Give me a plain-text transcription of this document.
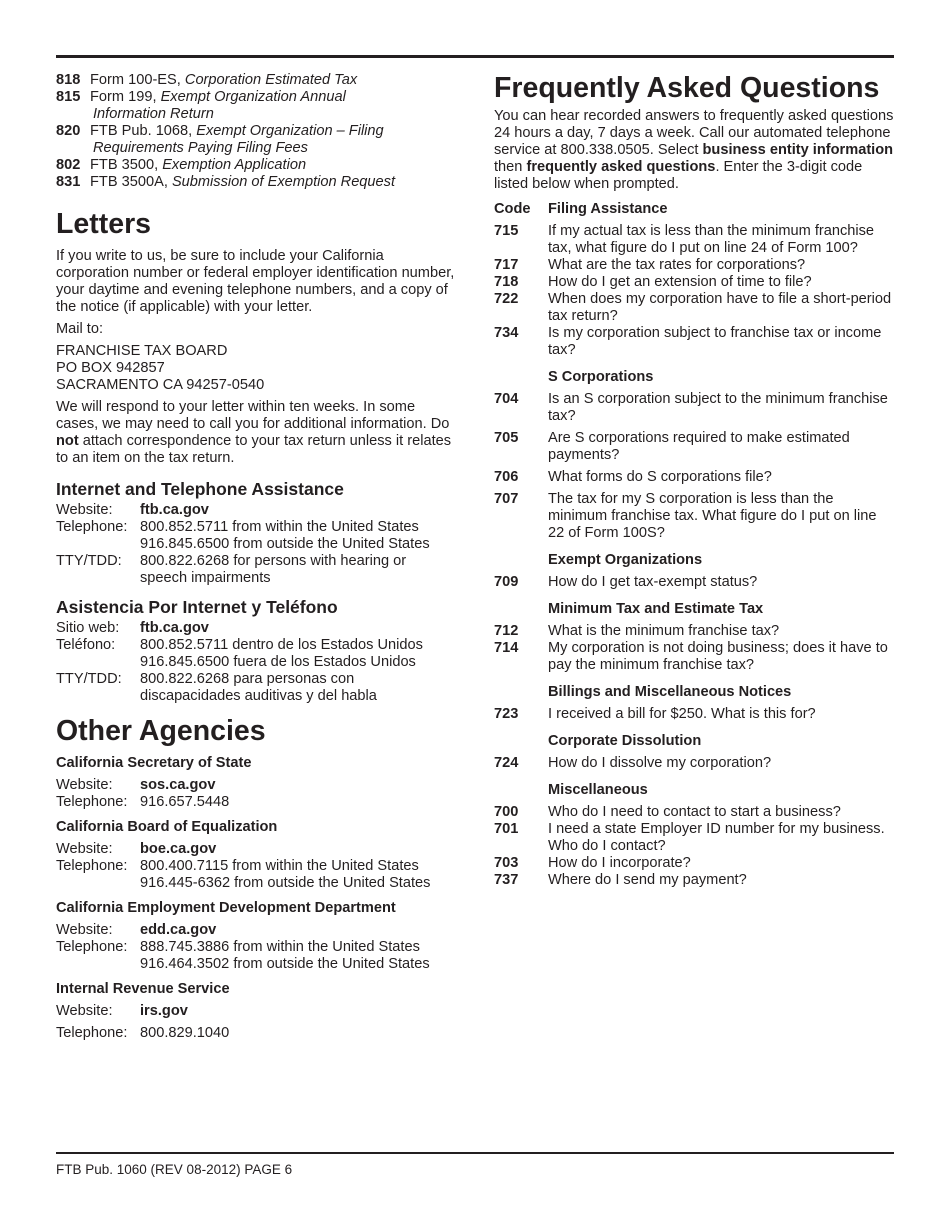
818 Form 100-ES, Corporation Estimated Tax
815 Form 199, Exempt Organization Annual
Information Return
820 FTB Pub. 1068, Exempt Organization – Filing
Requirements Paying Filing Fees
802 FTB 3500, Exemption Application
831 FTB 3500A, Submission of Exemption Request
Letters

If you write to us, be sure to include your California corporation number or federal employer identification number, your daytime and evening telephone numbers, and a copy of the notice (if applicable) with your letter.

Mail to:

FRANCHISE TAX BOARD
PO BOX 942857
SACRAMENTO CA 94257-0540

We will respond to your letter within ten weeks. In some cases, we may need to call you for additional information. Do not attach correspondence to your tax return unless it relates to an item on the tax return.

Internet and Telephone Assistance
Website:	ftb.ca.gov
Telephone: 800.852.5711 from within the United States
916.845.6500 from outside the United States
TTY/TDD:	800.822.6268 for persons with hearing or speech impairments
Asistencia Por Internet y Teléfono
Sitio web:	ftb.ca.gov
Teléfono:	800.852.5711 dentro de los Estados Unidos
916.845.6500 fuera de los Estados Unidos
TTY/TDD:	800.822.6268 para personas con discapacidades auditivas y del habla
Other Agencies
California Secretary of State
Website:	sos.ca.gov
Telephone: 916.657.5448
California Board of Equalization
Website:	boe.ca.gov
Telephone: 800.400.7115 from within the United States
916.445-6362 from outside the United States
California Employment Development Department
Website:	edd.ca.gov
Telephone: 888.745.3886 from within the United States
916.464.3502 from outside the United States
Internal Revenue Service
Website:	irs.gov
Telephone: 800.829.1040
Frequently Asked Questions

You can hear recorded answers to frequently asked questions 24 hours a day, 7 days a week. Call our automated telephone service at 800.338.0505. Select business entity information then frequently asked questions. Enter the 3-digit code listed below when prompted.

Code	Filing Assistance
715	If my actual tax is less than the minimum franchise tax, what figure do I put on line 24 of Form 100?
717	What are the tax rates for corporations?
718	How do I get an extension of time to file?
722	When does my corporation have to file a short-period tax return?
734	Is my corporation subject to franchise tax or income tax?
S Corporations
704	Is an S corporation subject to the minimum franchise tax?
705	Are S corporations required to make estimated payments?
706	What forms do S corporations file?
707	The tax for my S corporation is less than the minimum franchise tax. What figure do I put on line 22 of Form 100S?
Exempt Organizations
709	How do I get tax-exempt status?
Minimum Tax and Estimate Tax
712	What is the minimum franchise tax?
714	My corporation is not doing business; does it have to pay the minimum franchise tax?
Billings and Miscellaneous Notices
723	I received a bill for $250. What is this for?
Corporate Dissolution
724	How do I dissolve my corporation?
Miscellaneous
700	Who do I need to contact to start a business?
701	I need a state Employer ID number for my business. Who do I contact?
703	How do I incorporate?
737	Where do I send my payment?
FTB Pub. 1060 (REV 08-2012) PAGE 6
